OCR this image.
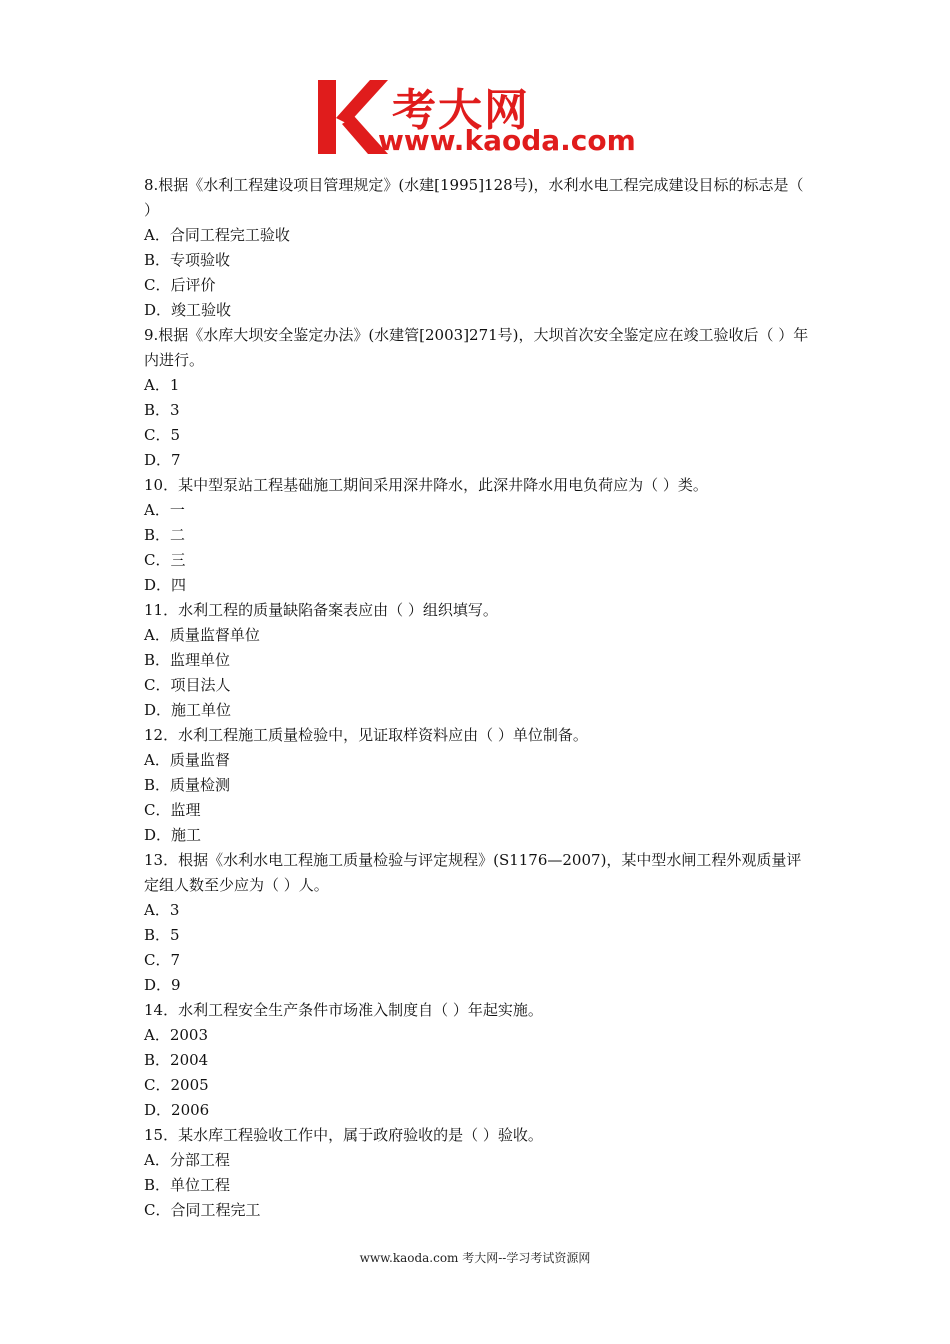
考大网
www.kaoda.com
8.根据《水利工程建设项目管理规定》(水建[1995]128号)，水利水电工程完成建设目标的标志是（ ）
A．合同工程完工验收
B．专项验收
C．后评价
D．竣工验收
9.根据《水库大坝安全鉴定办法》(水建管[2003]271号)，大坝首次安全鉴定应在竣工验收后（ ）年内进行。
A．1
B．3
C．5
D．7
10．某中型泵站工程基础施工期间采用深井降水，此深井降水用电负荷应为（ ）类。
A．一
B．二
C．三
D．四
11．水利工程的质量缺陷备案表应由（ ）组织填写。
A．质量监督单位
B．监理单位
C．项目法人
D．施工单位
12．水利工程施工质量检验中，见证取样资料应由（ ）单位制备。
A．质量监督
B．质量检测
C．监理
D．施工
13．根据《水利水电工程施工质量检验与评定规程》(S1176—2007)，某中型水闸工程外观质量评定组人数至少应为（ ）人。
A．3
B．5
C．7
D．9
14．水利工程安全生产条件市场准入制度自（ ）年起实施。
A．2003
B．2004
C．2005
D．2006
15．某水库工程验收工作中，属于政府验收的是（ ）验收。
A．分部工程
B．单位工程
C．合同工程完工
www.kaoda.com 考大网--学习考试资源网
